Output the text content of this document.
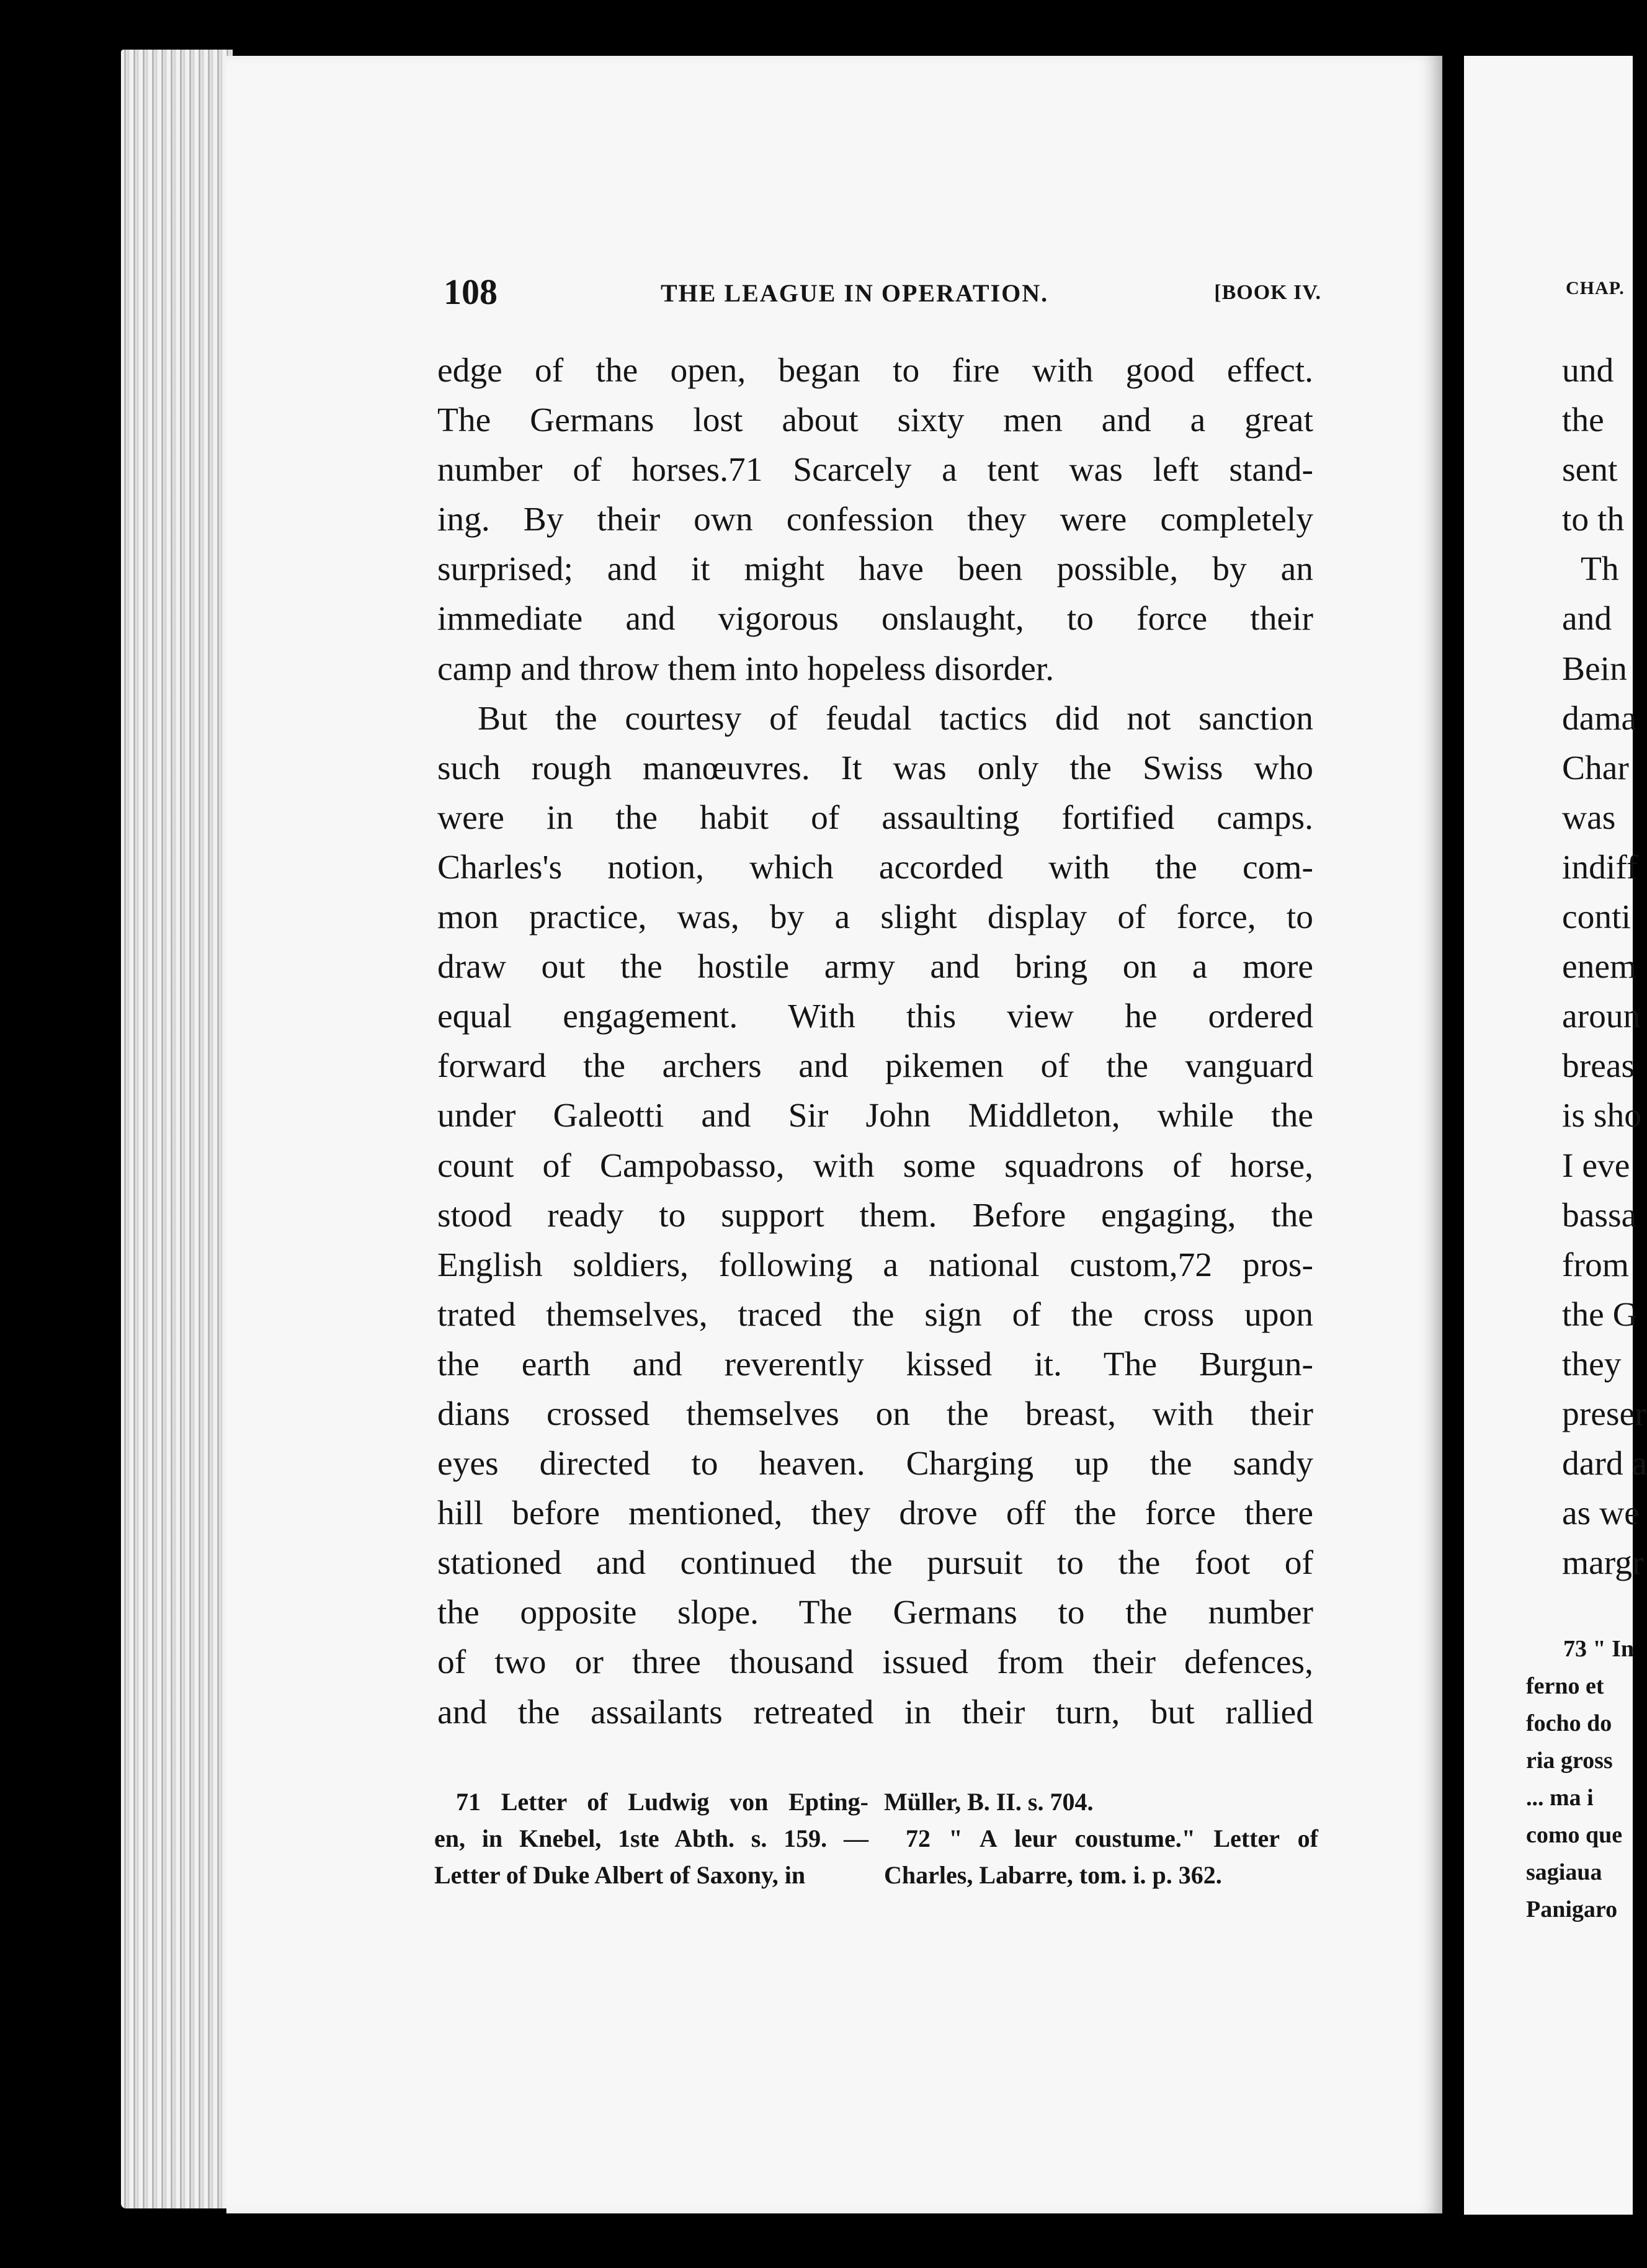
108	THE LEAGUE IN OPERATION.	[BOOK IV.
edge of the open, began to fire with good effect.
The Germans lost about sixty men and a great
number of horses.71 Scarcely a tent was left stand-
ing. By their own confession they were completely
surprised; and it might have been possible, by an
immediate and vigorous onslaught, to force their
camp and throw them into hopeless disorder.
But the courtesy of feudal tactics did not sanction
such rough manœuvres. It was only the Swiss who
were in the habit of assaulting fortified camps.
Charles's notion, which accorded with the com-
mon practice, was, by a slight display of force, to
draw out the hostile army and bring on a more
equal engagement. With this view he ordered
forward the archers and pikemen of the vanguard
under Galeotti and Sir John Middleton, while the
count of Campobasso, with some squadrons of horse,
stood ready to support them. Before engaging, the
English soldiers, following a national custom,72 pros-
trated themselves, traced the sign of the cross upon
the earth and reverently kissed it. The Burgun-
dians crossed themselves on the breast, with their
eyes directed to heaven. Charging up the sandy
hill before mentioned, they drove off the force there
stationed and continued the pursuit to the foot of
the opposite slope. The Germans to the number
of two or three thousand issued from their defences,
and the assailants retreated in their turn, but rallied
71 Letter of Ludwig von Epting-
en, in Knebel, 1ste Abth. s. 159. —
Letter of Duke Albert of Saxony, in
Müller, B. II. s. 704.
72 " A leur coustume." Letter of
Charles, Labarre, tom. i. p. 362.
CHAP.
und
the
sent
to th
Th
and
Bein
dama
Char
was
indiff
conti
enem
aroun
breas
is sho
I eve
bassa
from
the G
they
preser
dard a
as we
margr
73 " In
ferno et
focho do
ria gross
... ma i
como que
sagiaua
Panigaro
